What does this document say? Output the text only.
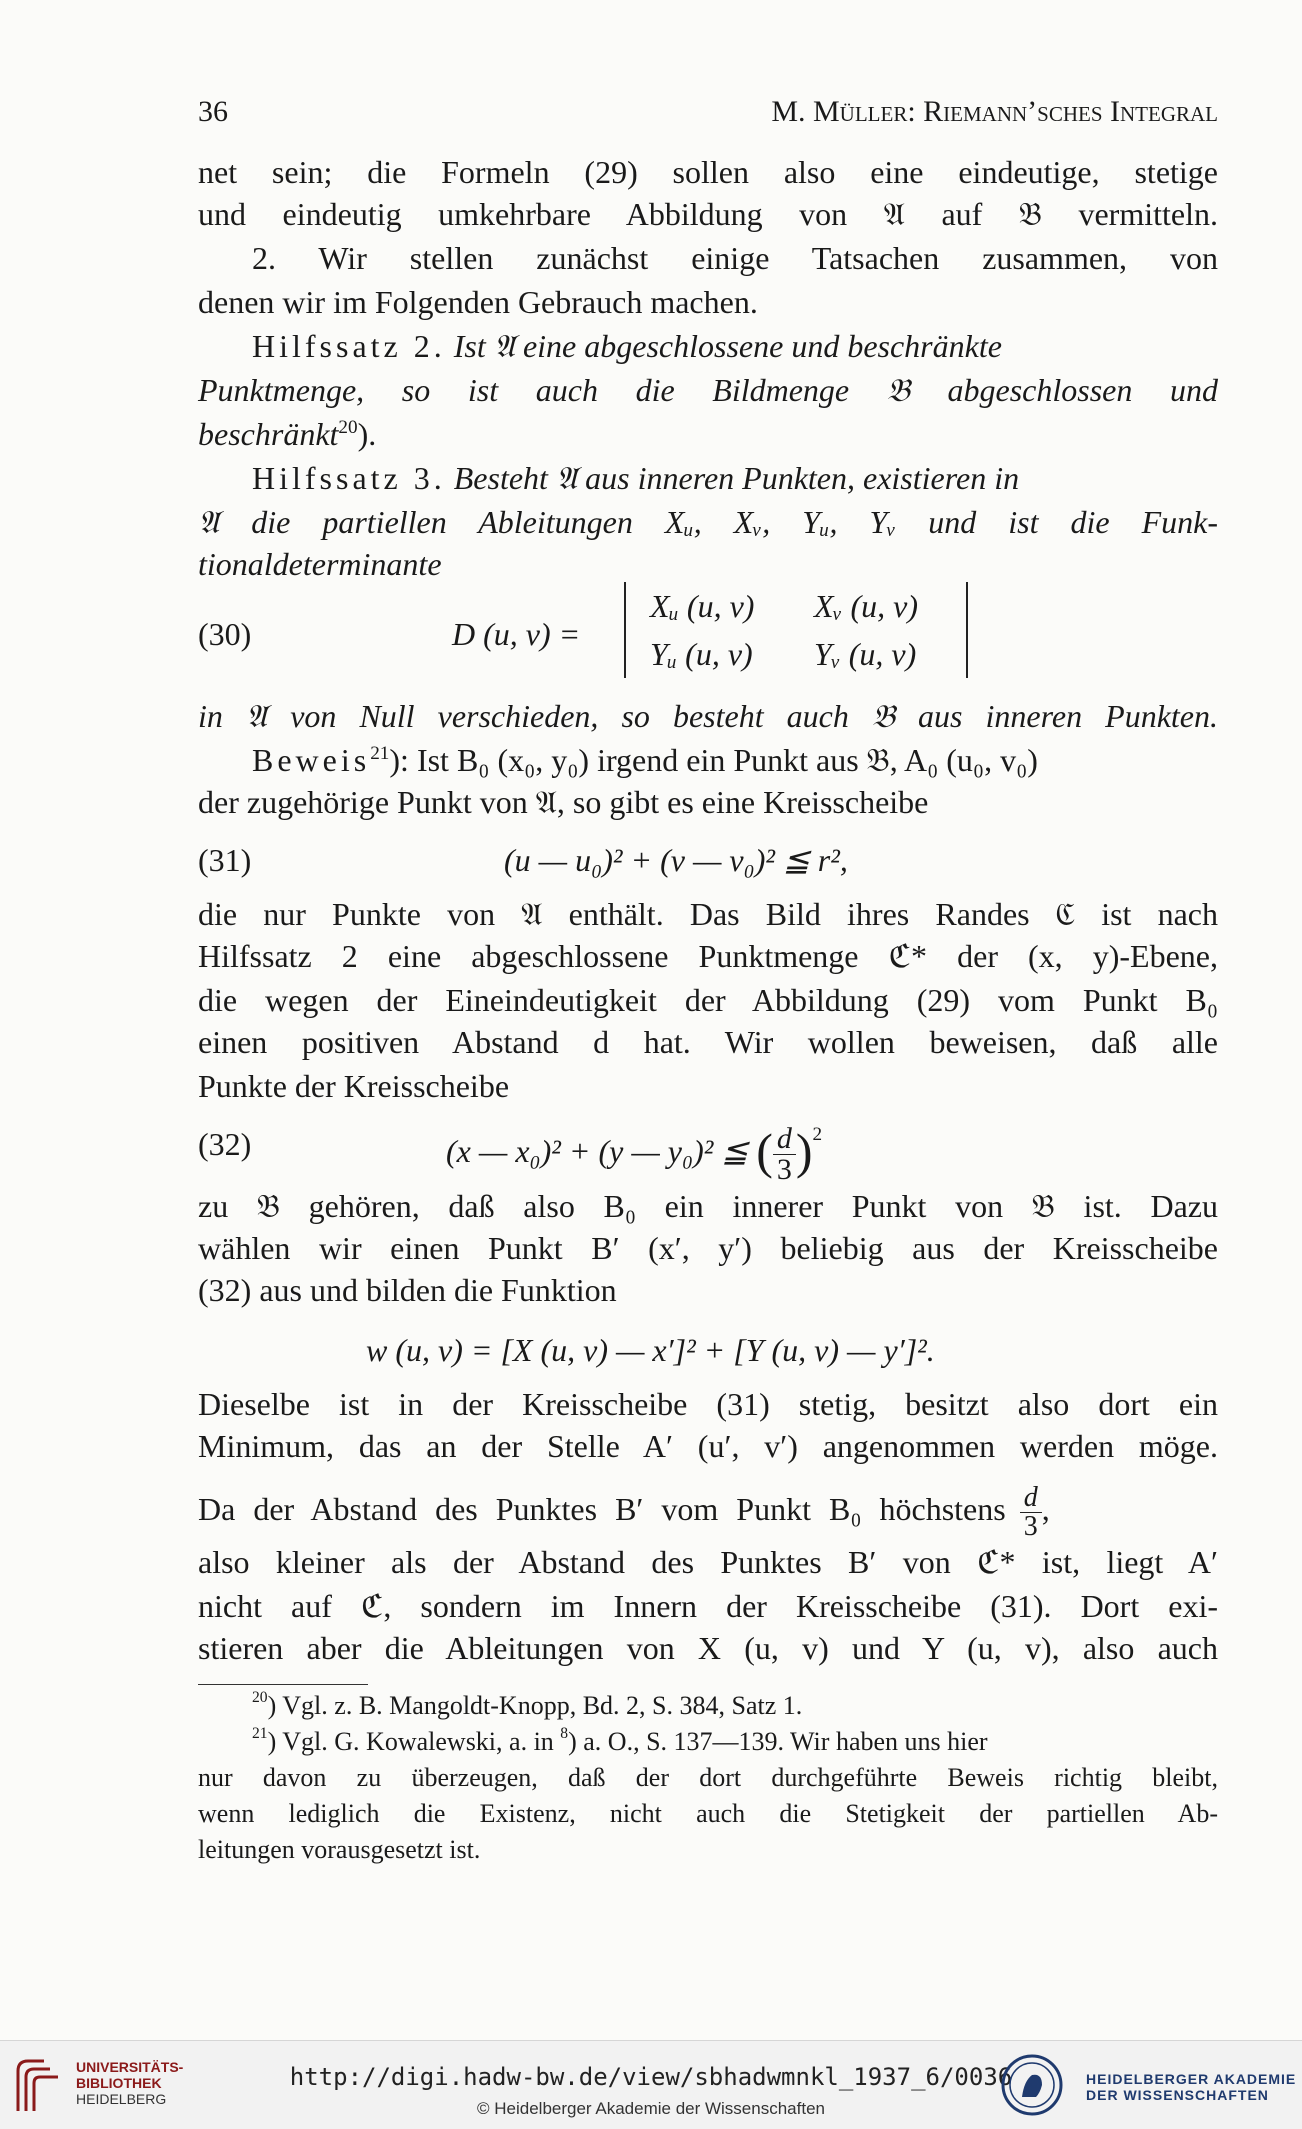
36	M. Müller: Riemann’sches Integral
net sein; die Formeln (29) sollen also eine eindeutige, stetige
und eindeutig umkehrbare Abbildung von 𝔄 auf 𝔅 vermitteln.
2. Wir stellen zunächst einige Tatsachen zusammen, von
denen wir im Folgenden Gebrauch machen.
Hilfssatz 2. Ist 𝔄 eine abgeschlossene und beschränkte
Punktmenge, so ist auch die Bildmenge 𝔅 abgeschlossen und
beschränkt$^{20}$).
Hilfssatz 3. Besteht 𝔄 aus inneren Punkten, existieren in
𝔄 die partiellen Ableitungen Xᵤ, Xᵥ, Yᵤ, Yᵥ und ist die Funk-
tionaldeterminante
(30)	D (u, v) =
Xᵤ (u, v) Xᵥ (u, v)
Yᵤ (u, v) Yᵥ (u, v)
in 𝔄 von Null verschieden, so besteht auch 𝔅 aus inneren Punkten.
Beweis$^{21}$): Ist B₀ (x₀, y₀) irgend ein Punkt aus 𝔅, A₀ (u₀, v₀)
der zugehörige Punkt von 𝔄, so gibt es eine Kreisscheibe
(31)	(u — u₀)² + (v — v₀)² ≦ r²,
die nur Punkte von 𝔄 enthält. Das Bild ihres Randes ℭ ist nach
Hilfssatz 2 eine abgeschlossene Punktmenge ℭ* der (x, y)-Ebene,
die wegen der Eineindeutigkeit der Abbildung (29) vom Punkt B₀
einen positiven Abstand d hat. Wir wollen beweisen, daß alle
Punkte der Kreisscheibe
(32)	(x — x₀)² + (y — y₀)² ≦ ( $\frac{d}{3} )^2$
zu 𝔅 gehören, daß also B₀ ein innerer Punkt von 𝔅 ist. Dazu
wählen wir einen Punkt B′ (x′, y′) beliebig aus der Kreisscheibe
(32) aus und bilden die Funktion
w (u, v) = [X (u, v) — x′]² + [Y (u, v) — y′]².
Dieselbe ist in der Kreisscheibe (31) stetig, besitzt also dort ein
Minimum, das an der Stelle A′ (u′, v′) angenommen werden möge.
Da der Abstand des Punktes B′ vom Punkt B₀ höchstens $\frac{d}{3}$ ,
also kleiner als der Abstand des Punktes B′ von ℭ* ist, liegt A′
nicht auf ℭ, sondern im Innern der Kreisscheibe (31). Dort exi-
stieren aber die Ableitungen von X (u, v) und Y (u, v), also auch
$^{20}$) Vgl. z. B. Mangoldt-Knopp, Bd. 2, S. 384, Satz 1.
$^{21}$) Vgl. G. Kowalewski, a. in $^8$) a. O., S. 137—139. Wir haben uns hier
nur davon zu überzeugen, daß der dort durchgeführte Beweis richtig bleibt,
wenn lediglich die Existenz, nicht auch die Stetigkeit der partiellen Ab-
leitungen vorausgesetzt ist.
UNIVERSITÄTS-
BIBLIOTHEK
HEIDELBERG
http://digi.hadw-bw.de/view/sbhadwmnkl_1937_6/0036
© Heidelberger Akademie der Wissenschaften
HEIDELBERGER AKADEMIE
DER WISSENSCHAFTEN
